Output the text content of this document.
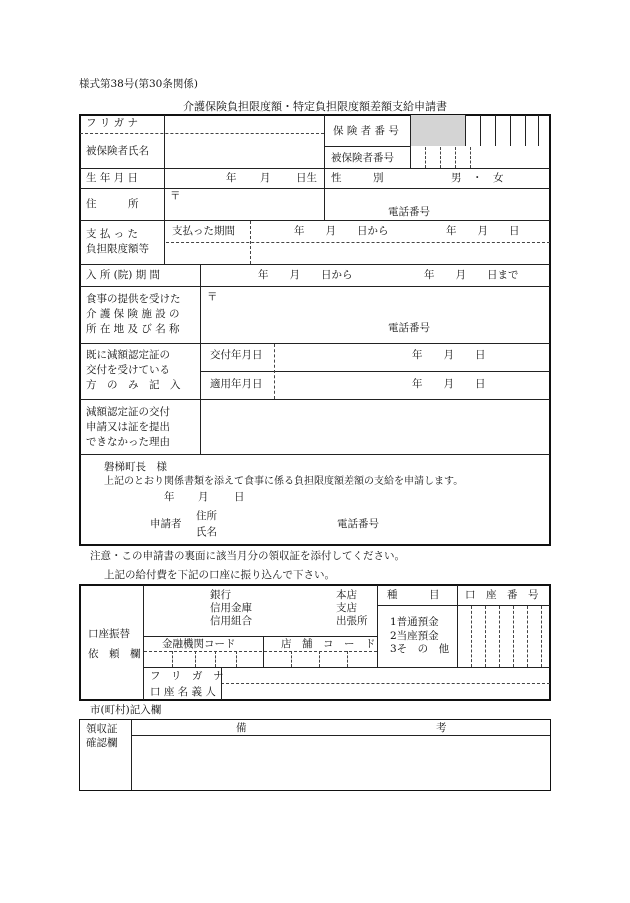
様式第38号(第30条関係)
介護保険負担限度額・特定負担限度額差額支給申請書
フ リ ガ ナ
被保険者氏名
保 険 者 番 号
被保険者番号
生 年 月 日	年 月 日生 性　　　別	男　・　女
住　　　所
〒
電話番号
支 払 っ た
負担限度額等
支払った期間	年　　月　　日から	年　　月　　日
入 所 (院) 期 間	年　　月　　日から	年　　月　　日まで
食事の提供を受けた
介 護 保 険 施 設 の
所 在 地 及 び 名 称
〒
電話番号
既に減額認定証の
交付を受けている
方　の　み　記　入
交付年月日	年　　月　　日
適用年月日	年　　月　　日
減額認定証の交付
申請又は証を提出
できなかった理由
磐梯町長　様
上記のとおり関係書類を添えて食事に係る負担限度額差額の支給を申請します。
年 月 日
申請者
住所
氏名
電話番号
注意・この申請書の裏面に該当月分の領収証を添付してください。
上記の給付費を下記の口座に振り込んで下さい。
口座振替
依　頼　欄
銀行
信用金庫
信用組合
本店
支店
出張所
種　　　目 口　座　番　号
1普通預金
2当座預金
3そ　の　他
金融機関コード	店　舗　コ　ー　ド
フ　リ　ガ　ナ
口 座 名 義 人
市(町村)記入欄
領収証
確認欄
備	考
